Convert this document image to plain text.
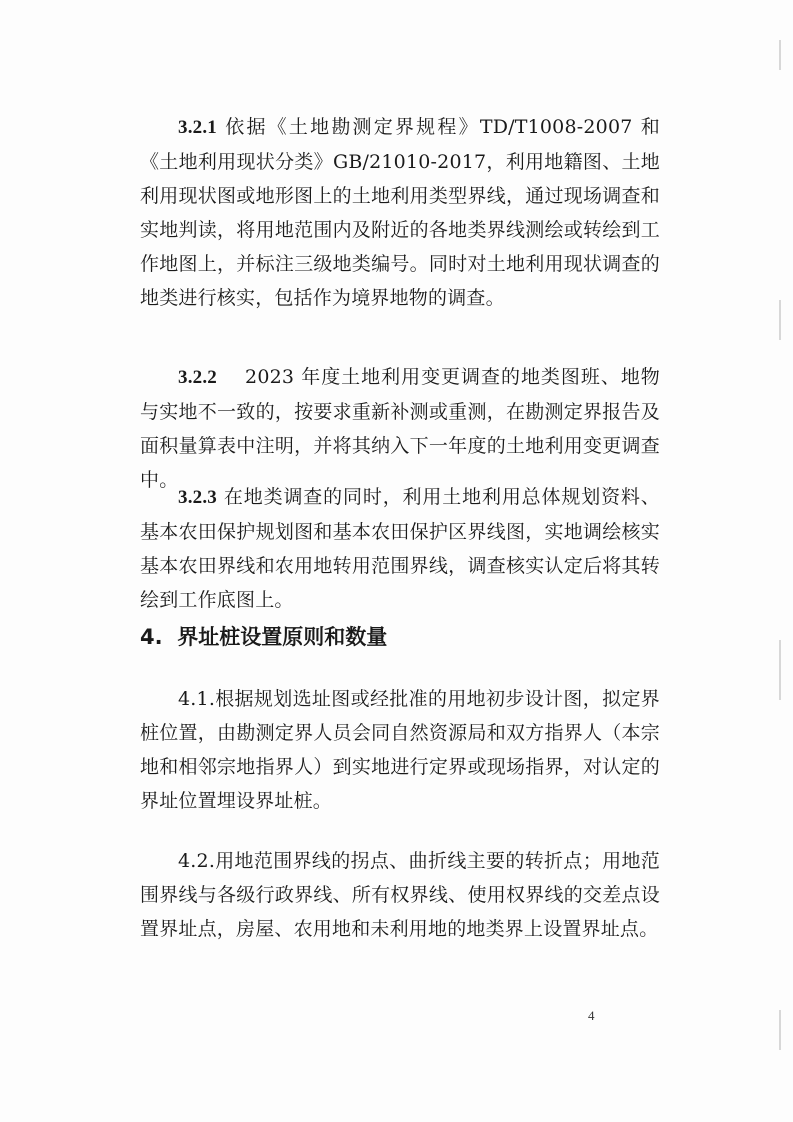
3.2.1 依据《土地勘测定界规程》TD/T1008-2007 和《土地利用现状分类》GB/21010-2017，利用地籍图、土地利用现状图或地形图上的土地利用类型界线，通过现场调查和实地判读，将用地范围内及附近的各地类界线测绘或转绘到工作地图上，并标注三级地类编号。同时对土地利用现状调查的地类进行核实，包括作为境界地物的调查。

3.2.2    2023 年度土地利用变更调查的地类图班、地物与实地不一致的，按要求重新补测或重测，在勘测定界报告及面积量算表中注明，并将其纳入下一年度的土地利用变更调查中。

3.2.3 在地类调查的同时，利用土地利用总体规划资料、基本农田保护规划图和基本农田保护区界线图，实地调绘核实基本农田界线和农用地转用范围界线，调查核实认定后将其转绘到工作底图上。

4.  界址桩设置原则和数量

4.1.根据规划选址图或经批准的用地初步设计图，拟定界桩位置，由勘测定界人员会同自然资源局和双方指界人（本宗地和相邻宗地指界人）到实地进行定界或现场指界，对认定的界址位置埋设界址桩。

4.2.用地范围界线的拐点、曲折线主要的转折点；用地范围界线与各级行政界线、所有权界线、使用权界线的交差点设置界址点，房屋、农用地和未利用地的地类界上设置界址点。

4
